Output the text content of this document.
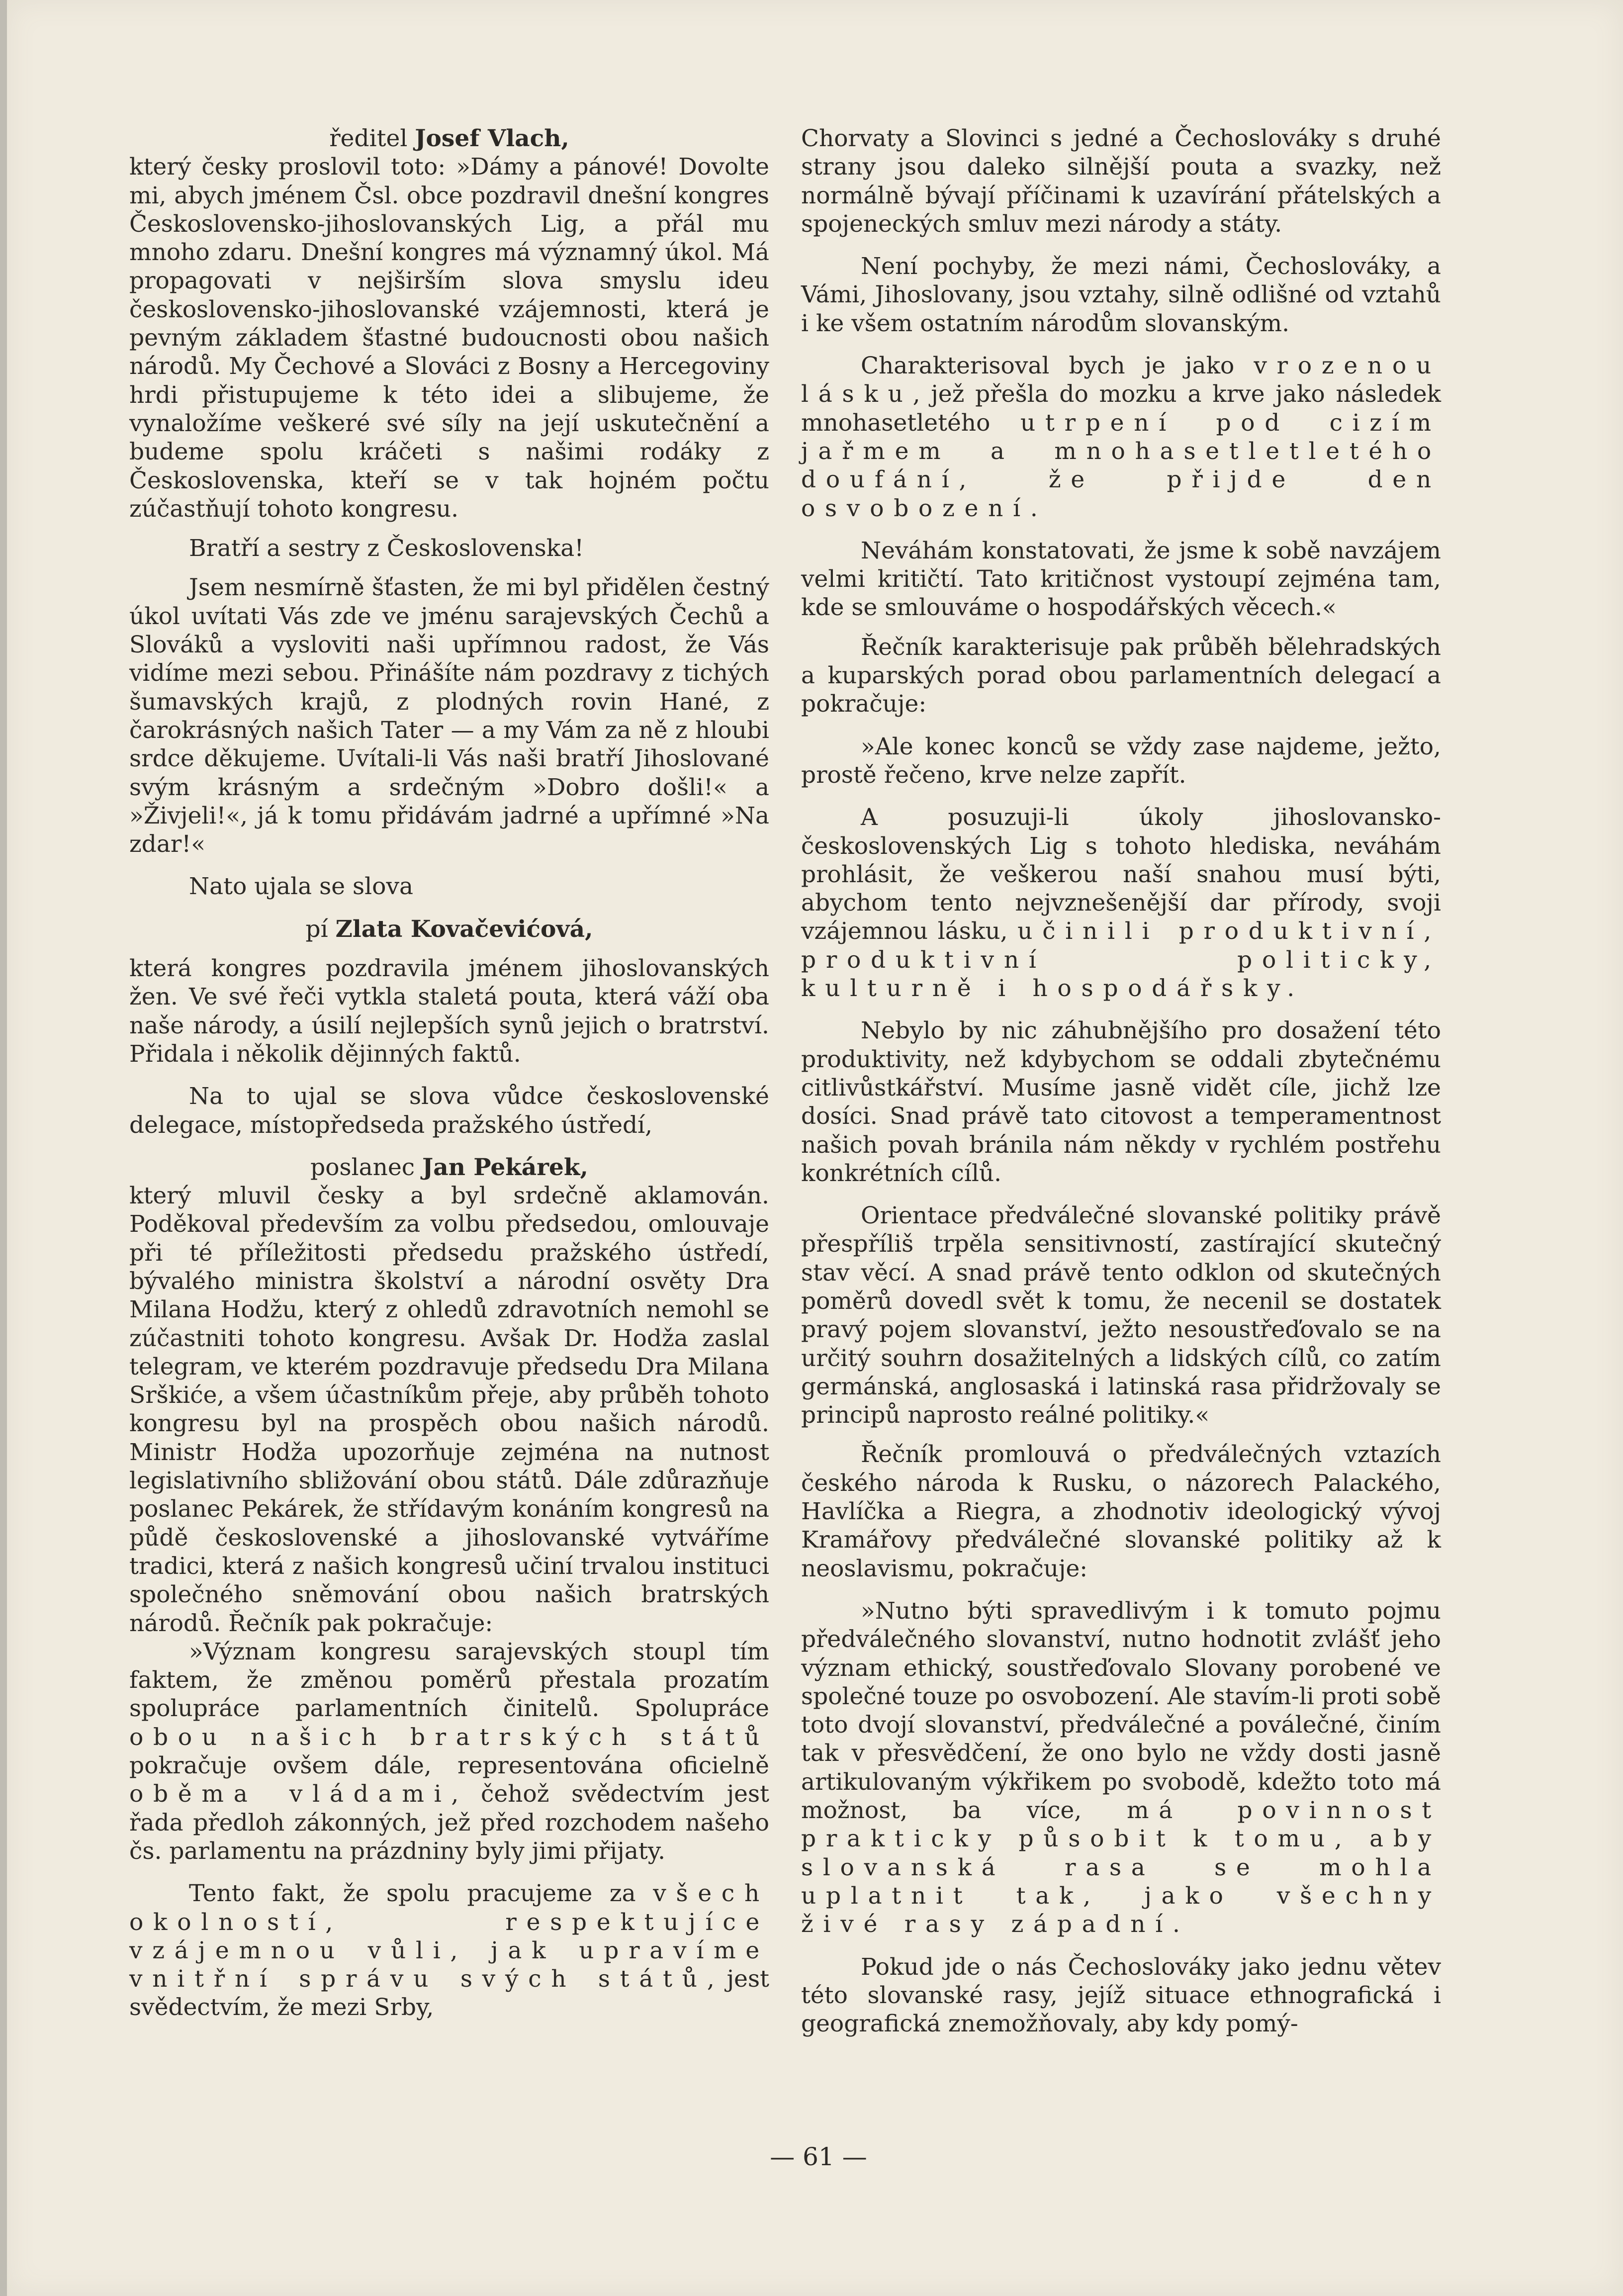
ředitel Josef Vlach,

který česky proslovil toto: »Dámy a pánové! Dovolte mi, abych jménem Čsl. obce pozdravil dnešní kongres Československo-jihoslovanských Lig, a přál mu mnoho zdaru. Dnešní kongres má významný úkol. Má propagovati v nejširším slova smyslu ideu československo-jihoslovanské vzájemnosti, která je pevným základem šťastné budoucnosti obou našich národů. My Čechové a Slováci z Bosny a Hercegoviny hrdi přistupujeme k této idei a slibujeme, že vynaložíme veškeré své síly na její uskutečnění a budeme spolu kráčeti s našimi rodáky z Československa, kteří se v tak hojném počtu zúčastňují tohoto kongresu.

Bratří a sestry z Československa!

Jsem nesmírně šťasten, že mi byl přidělen čestný úkol uvítati Vás zde ve jménu sarajevských Čechů a Slováků a vysloviti naši upřímnou radost, že Vás vidíme mezi sebou. Přinášíte nám pozdravy z tichých šumavských krajů, z plodných rovin Hané, z čarokrásných našich Tater — a my Vám za ně z hloubi srdce děkujeme. Uvítali-li Vás naši bratří Jihoslované svým krásným a srdečným »Dobro došli!« a »Živjeli!«, já k tomu přidávám jadrné a upřímné »Na zdar!«

Nato ujala se slova

pí Zlata Kovačevićová,

která kongres pozdravila jménem jihoslovanských žen. Ve své řeči vytkla staletá pouta, která váží oba naše národy, a úsilí nejlepších synů jejich o bratrství. Přidala i několik dějinných faktů.

Na to ujal se slova vůdce československé delegace, místopředseda pražského ústředí,

poslanec Jan Pekárek,

který mluvil česky a byl srdečně aklamován. Poděkoval především za volbu předsedou, omlouvaje při té příležitosti předsedu pražského ústředí, bývalého ministra školství a národní osvěty Dra Milana Hodžu, který z ohledů zdravotních nemohl se zúčastniti tohoto kongresu. Avšak Dr. Hodža zaslal telegram, ve kterém pozdravuje předsedu Dra Milana Srškiće, a všem účastníkům přeje, aby průběh tohoto kongresu byl na prospěch obou našich národů. Ministr Hodža upozorňuje zejména na nutnost legislativního sbližování obou států. Dále zdůrazňuje poslanec Pekárek, že střídavým konáním kongresů na půdě československé a jihoslovanské vytváříme tradici, která z našich kongresů učiní trvalou instituci společného sněmování obou našich bratrských národů. Řečník pak pokračuje:

»Význam kongresu sarajevských stoupl tím faktem, že změnou poměrů přestala prozatím spolupráce parlamentních činitelů. Spolupráce obou našich bratrských států pokračuje ovšem dále, representována oficielně oběma vládami, čehož svědectvím jest řada předloh zákonných, jež před rozchodem našeho čs. parlamentu na prázdniny byly jimi přijaty.

Tento fakt, že spolu pracujeme za všech okolností, respektujíce vzájemnou vůli, jak upravíme vnitřní správu svých států, jest svědectvím, že mezi Srby,

Chorvaty a Slovinci s jedné a Čechoslováky s druhé strany jsou daleko silnější pouta a svazky, než normálně bývají příčinami k uzavírání přátelských a spojeneckých smluv mezi národy a státy.

Není pochyby, že mezi námi, Čechoslováky, a Vámi, Jihoslovany, jsou vztahy, silně odlišné od vztahů i ke všem ostatním národům slovanským.

Charakterisoval bych je jako vrozenou lásku, jež přešla do mozku a krve jako následek mnohasetletého utrpení pod cizím jařmem a mnohasetletletého doufání, že přijde den osvobození.

Neváhám konstatovati, že jsme k sobě navzájem velmi kritičtí. Tato kritičnost vystoupí zejména tam, kde se smlouváme o hospodářských věcech.«

Řečník karakterisuje pak průběh bělehradských a kuparských porad obou parlamentních delegací a pokračuje:

»Ale konec konců se vždy zase najdeme, ježto, prostě řečeno, krve nelze zapřít.

A posuzuji-li úkoly jihoslovansko-československých Lig s tohoto hlediska, neváhám prohlásit, že veškerou naší snahou musí býti, abychom tento nejvznešenější dar přírody, svoji vzájemnou lásku, učinili produktivní, produktivní politicky, kulturně i hospodářsky.

Nebylo by nic záhubnějšího pro dosažení této produktivity, než kdybychom se oddali zbytečnému citlivůstkářství. Musíme jasně vidět cíle, jichž lze dosíci. Snad právě tato citovost a temperamentnost našich povah bránila nám někdy v rychlém postřehu konkrétních cílů.

Orientace předválečné slovanské politiky právě přespříliš trpěla sensitivností, zastírající skutečný stav věcí. A snad právě tento odklon od skutečných poměrů dovedl svět k tomu, že necenil se dostatek pravý pojem slovanství, ježto nesoustřeďovalo se na určitý souhrn dosažitelných a lidských cílů, co zatím germánská, anglosaská i latinská rasa přidržovaly se principů naprosto reálné politiky.«

Řečník promlouvá o předválečných vztazích českého národa k Rusku, o názorech Palackého, Havlíčka a Riegra, a zhodnotiv ideologický vývoj Kramářovy předválečné slovanské politiky až k neoslavismu, pokračuje:

»Nutno býti spravedlivým i k tomuto pojmu předválečného slovanství, nutno hodnotit zvlášť jeho význam ethický, soustřeďovalo Slovany porobené ve společné touze po osvobození. Ale stavím-li proti sobě toto dvojí slovanství, předválečné a poválečné, činím tak v přesvědčení, že ono bylo ne vždy dosti jasně artikulovaným výkřikem po svobodě, kdežto toto má možnost, ba více, má povinnost prakticky působit k tomu, aby slovanská rasa se mohla uplatnit tak, jako všechny živé rasy západní.

Pokud jde o nás Čechoslováky jako jednu větev této slovanské rasy, jejíž situace ethnografická i geografická znemožňovaly, aby kdy pomý-

— 61 —
